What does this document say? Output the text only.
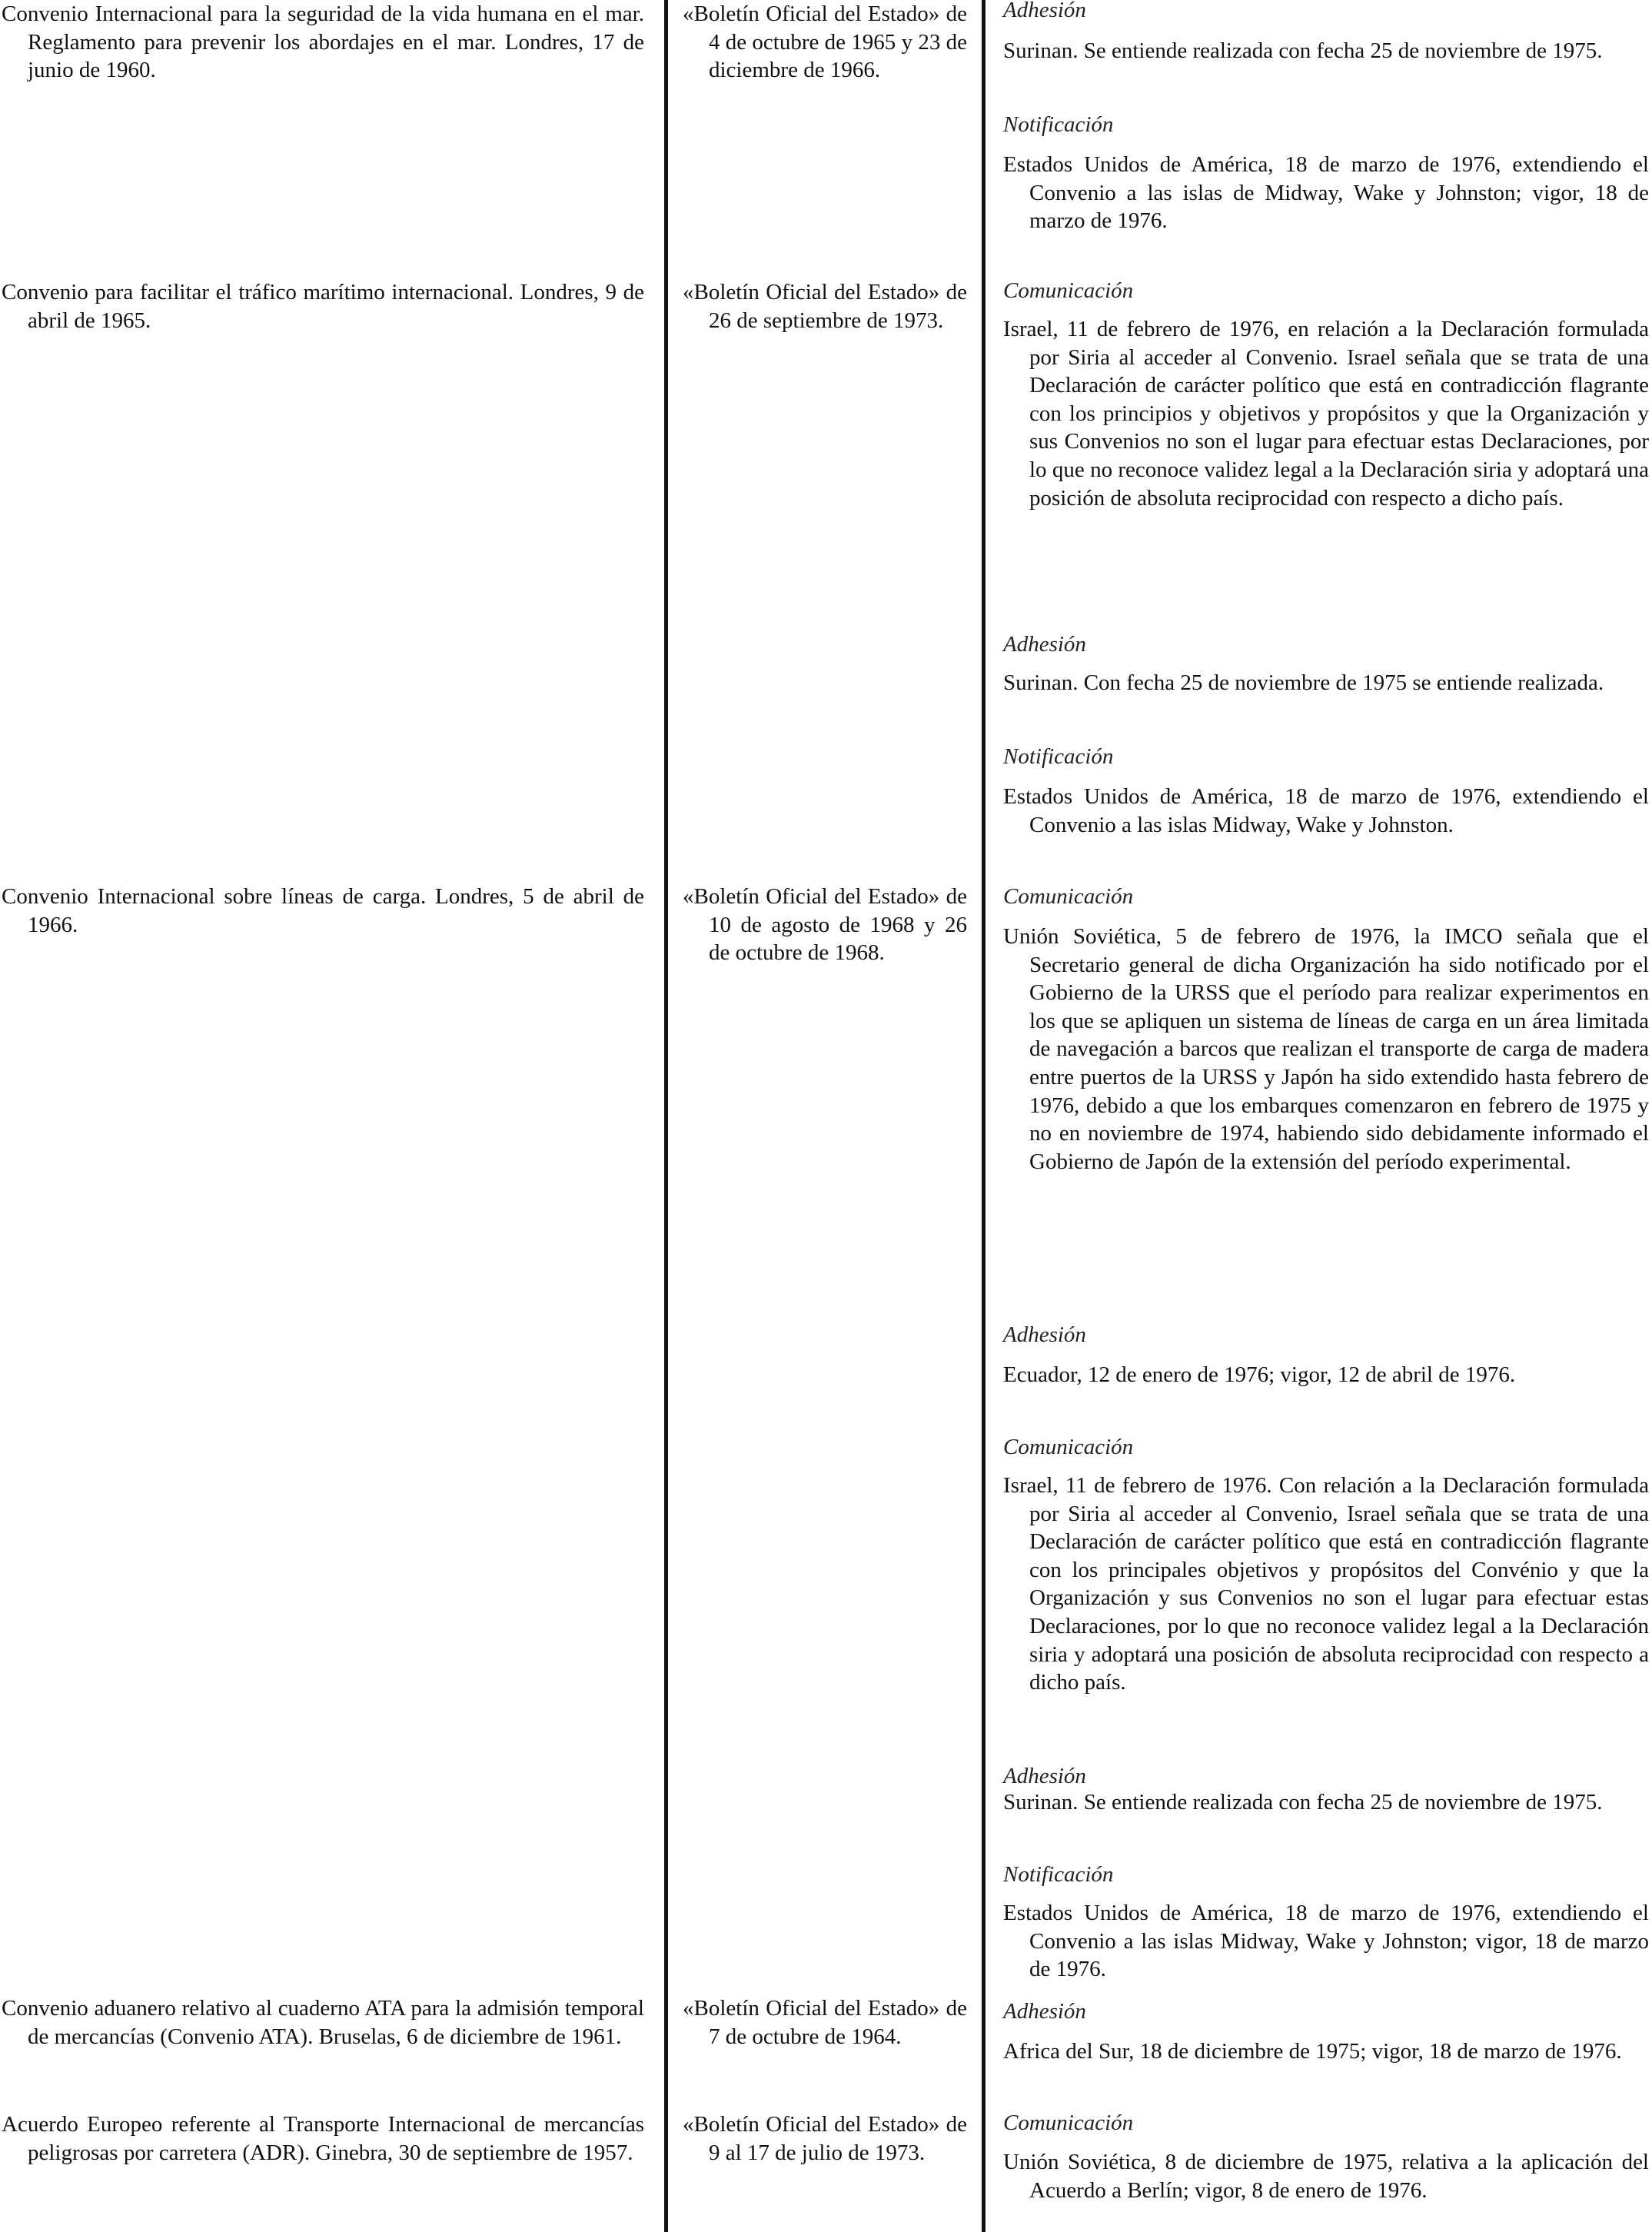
Convenio Internacional para la seguridad de la vida humana en el mar. Reglamento para prevenir los abordajes en el mar. Londres, 17 de junio de 1960.
Convenio para facilitar el tráfico marítimo internacional. Londres, 9 de abril de 1965.
Convenio Internacional sobre líneas de carga. Londres, 5 de abril de 1966.
Convenio aduanero relativo al cuaderno ATA para la admisión temporal de mercancías (Convenio ATA). Bruselas, 6 de diciembre de 1961.
Acuerdo Europeo referente al Transporte Internacional de mercancías peligrosas por carretera (ADR). Ginebra, 30 de septiembre de 1957.
«Boletín Oficial del Estado» de 4 de octubre de 1965 y 23 de diciembre de 1966.
«Boletín Oficial del Estado» de 26 de septiembre de 1973.
«Boletín Oficial del Estado» de 10 de agosto de 1968 y 26 de octubre de 1968.
«Boletín Oficial del Estado» de 7 de octubre de 1964.
«Boletín Oficial del Estado» de 9 al 17 de julio de 1973.
Adhesión
Surinan. Se entiende realizada con fecha 25 de noviembre de 1975.
Notificación
Estados Unidos de América, 18 de marzo de 1976, extendiendo el Convenio a las islas de Midway, Wake y Johnston; vigor, 18 de marzo de 1976.
Comunicación
Israel, 11 de febrero de 1976, en relación a la Declaración formulada por Siria al acceder al Convenio. Israel señala que se trata de una Declaración de carácter político que está en contradicción flagrante con los principios y objetivos y propósitos y que la Organización y sus Convenios no son el lugar para efectuar estas Declaraciones, por lo que no reconoce validez legal a la Declaración siria y adoptará una posición de absoluta reciprocidad con respecto a dicho país.
Adhesión
Surinan. Con fecha 25 de noviembre de 1975 se entiende realizada.
Notificación
Estados Unidos de América, 18 de marzo de 1976, extendiendo el Convenio a las islas Midway, Wake y Johnston.
Comunicación
Unión Soviética, 5 de febrero de 1976, la IMCO señala que el Secretario general de dicha Organización ha sido notificado por el Gobierno de la URSS que el período para realizar experimentos en los que se apliquen un sistema de líneas de carga en un área limitada de navegación a barcos que realizan el transporte de carga de madera entre puertos de la URSS y Japón ha sido extendido hasta febrero de 1976, debido a que los embarques comenzaron en febrero de 1975 y no en noviembre de 1974, habiendo sido debidamente informado el Gobierno de Japón de la extensión del período experimental.
Adhesión
Ecuador, 12 de enero de 1976; vigor, 12 de abril de 1976.
Comunicación
Israel, 11 de febrero de 1976. Con relación a la Declaración formulada por Siria al acceder al Convenio, Israel señala que se trata de una Declaración de carácter político que está en contradicción flagrante con los principales objetivos y propósitos del Convénio y que la Organización y sus Convenios no son el lugar para efectuar estas Declaraciones, por lo que no reconoce validez legal a la Declaración siria y adoptará una posición de absoluta reciprocidad con respecto a dicho país.
Adhesión
Surinan. Se entiende realizada con fecha 25 de noviembre de 1975.
Notificación
Estados Unidos de América, 18 de marzo de 1976, extendiendo el Convenio a las islas Midway, Wake y Johnston; vigor, 18 de marzo de 1976.
Adhesión
Africa del Sur, 18 de diciembre de 1975; vigor, 18 de marzo de 1976.
Comunicación
Unión Soviética, 8 de diciembre de 1975, relativa a la aplicación del Acuerdo a Berlín; vigor, 8 de enero de 1976.
